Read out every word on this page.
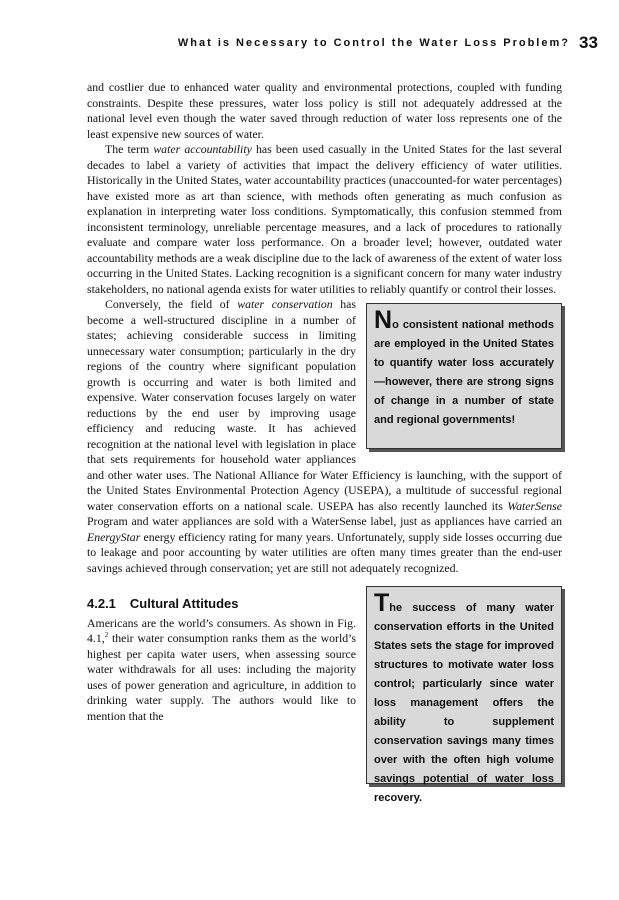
What is Necessary to Control the Water Loss Problem? 33

and costlier due to enhanced water quality and environmental protections, coupled with funding constraints. Despite these pressures, water loss policy is still not adequately addressed at the national level even though the water saved through reduction of water loss represents one of the least expensive new sources of water.

The term water accountability has been used casually in the United States for the last several decades to label a variety of activities that impact the delivery efficiency of water utilities. Historically in the United States, water accountability practices (unaccounted-for water percentages) have existed more as art than science, with methods often generating as much confusion as explanation in interpreting water loss conditions. Symptomatically, this confusion stemmed from inconsistent terminology, unreliable percentage measures, and a lack of procedures to rationally evaluate and compare water loss performance. On a broader level; however, outdated water accountability methods are a weak discipline due to the lack of awareness of the extent of water loss occurring in the United States. Lacking recognition is a significant concern for many water industry stakeholders, no national agenda exists for water utilities to reliably quantify or control their losses.

No consistent national methods are employed in the United States to quantify water loss accurately—however, there are strong signs of change in a number of state and regional governments!

Conversely, the field of water conservation has become a well-structured discipline in a number of states; achieving considerable success in limiting unnecessary water consumption; particularly in the dry regions of the country where significant population growth is occurring and water is both limited and expensive. Water conservation focuses largely on water reductions by the end user by improving usage efficiency and reducing waste. It has achieved recognition at the national level with legislation in place that sets requirements for household water appliances and other water uses. The National Alliance for Water Efficiency is launching, with the support of the United States Environmental Protection Agency (USEPA), a multitude of successful regional water conservation efforts on a national scale. USEPA has also recently launched its WaterSense Program and water appliances are sold with a WaterSense label, just as appliances have carried an EnergyStar energy efficiency rating for many years. Unfortunately, supply side losses occurring due to leakage and poor accounting by water utilities are often many times greater than the end-user savings achieved through conservation; yet are still not adequately recognized.

The success of many water conservation efforts in the United States sets the stage for improved structures to motivate water loss control; particularly since water loss management offers the ability to supplement conservation savings many times over with the often high volume savings potential of water loss recovery.
4.2.1 Cultural Attitudes

Americans are the world’s consumers. As shown in Fig. 4.1,$^2$ their water consumption ranks them as the world’s highest per capita water users, when assessing source water withdrawals for all uses: including the majority uses of power generation and agriculture, in addition to drinking water supply. The authors would like to mention that the
